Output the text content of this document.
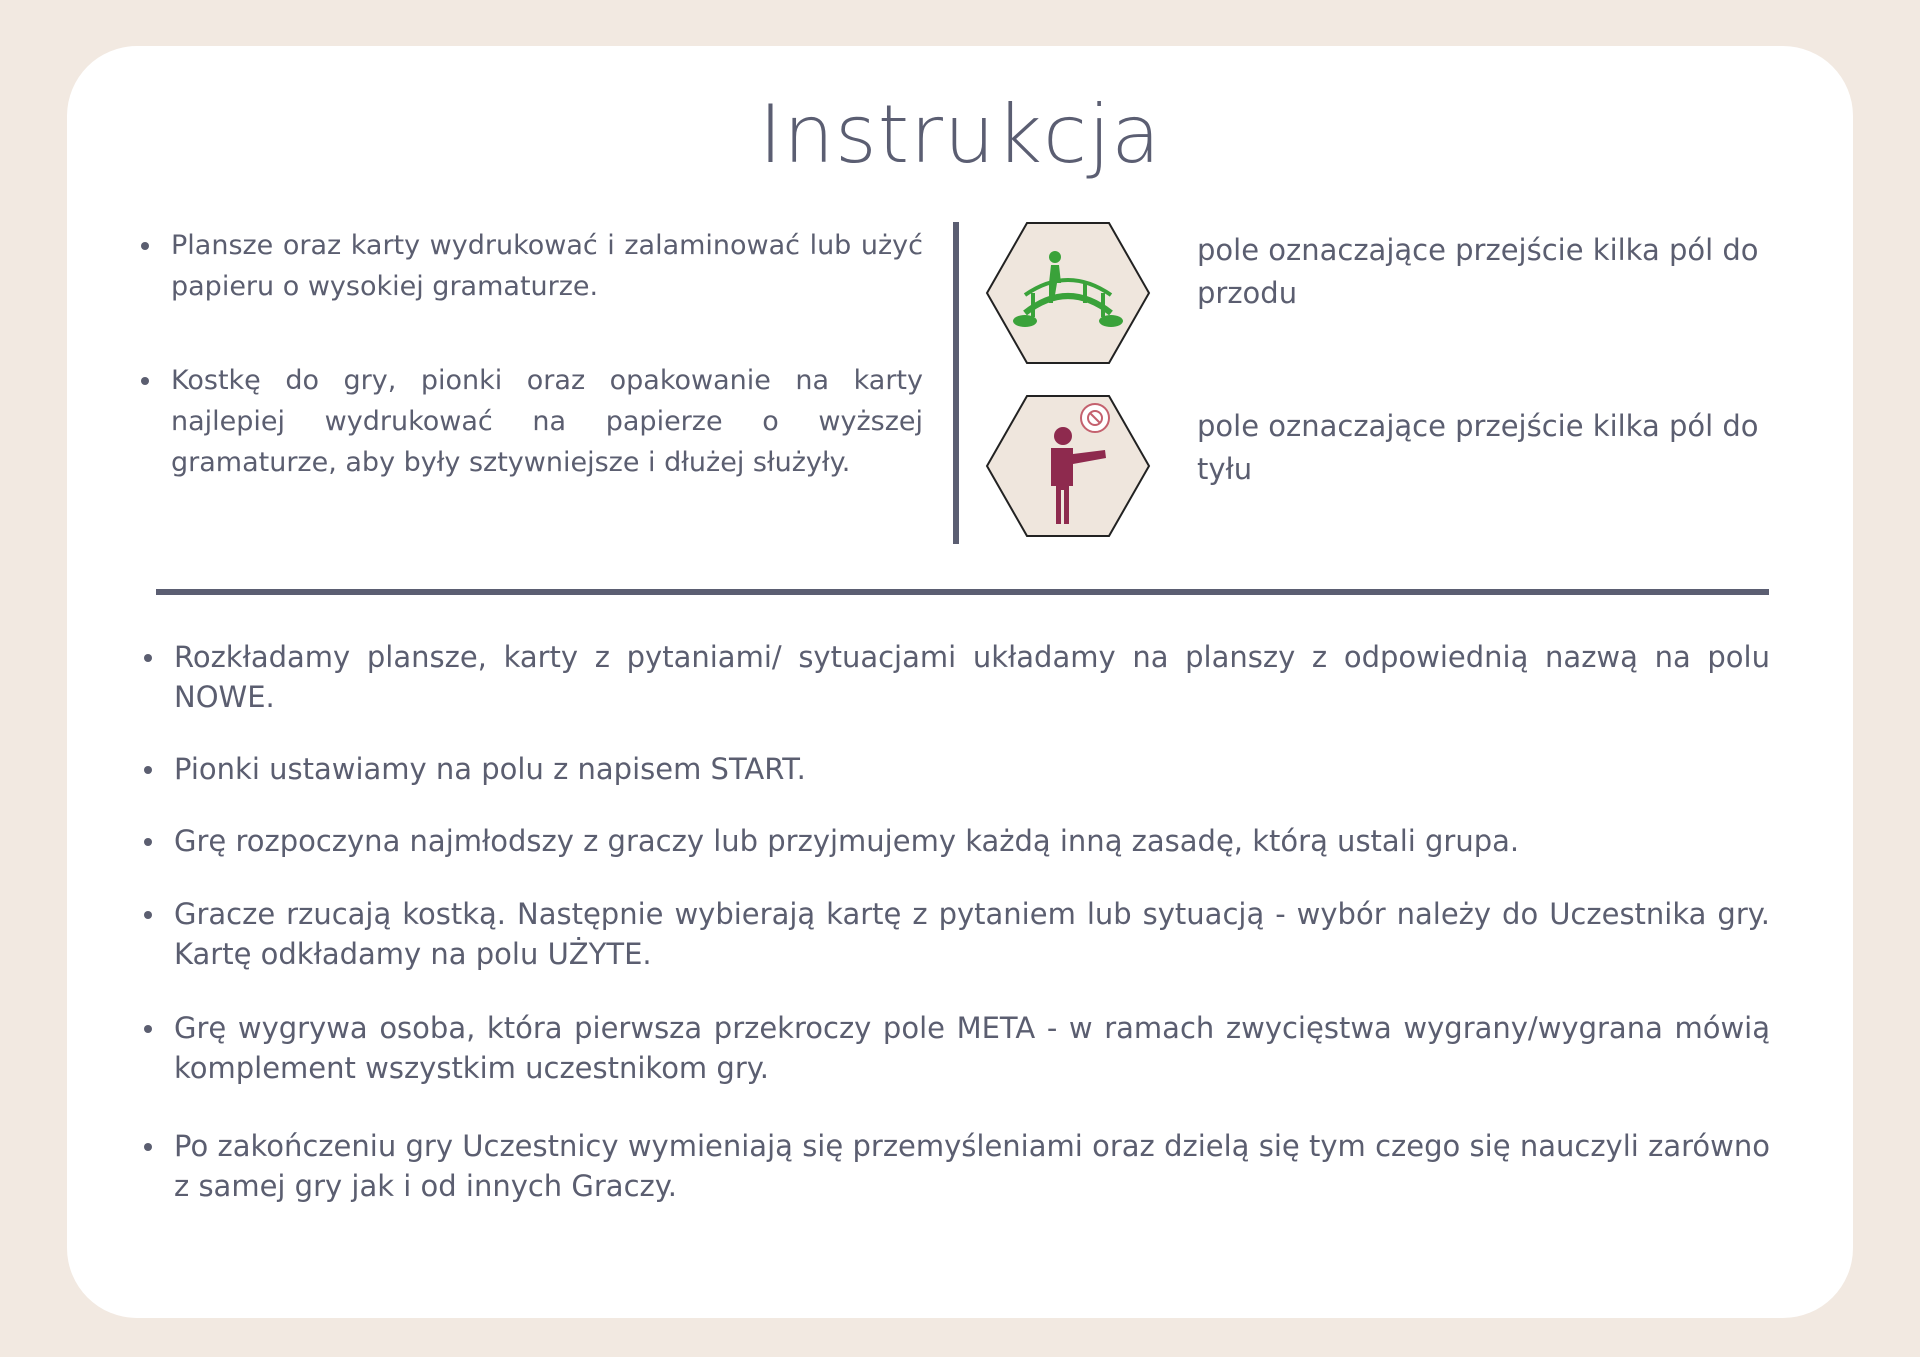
Instrukcja
Plansze oraz karty wydrukować i zalaminować lub użyć papieru o wysokiej gramaturze.
Kostkę do gry, pionki oraz opakowanie na karty najlepiej wydrukować na papierze o wyższej gramaturze, aby były sztywniejsze i dłużej służyły.
pole oznaczające przejście kilka pól do przodu
pole oznaczające przejście kilka pól do tyłu
Rozkładamy plansze, karty z pytaniami/ sytuacjami układamy na planszy z odpowiednią nazwą na polu NOWE.
Pionki ustawiamy na polu z napisem START.
Grę rozpoczyna najmłodszy z graczy lub przyjmujemy każdą inną zasadę, którą ustali grupa.
Gracze rzucają kostką. Następnie wybierają kartę z pytaniem lub sytuacją - wybór należy do Uczestnika gry. Kartę odkładamy na polu UŻYTE.
Grę wygrywa osoba, która pierwsza przekroczy pole META - w ramach zwycięstwa wygrany/wygrana mówią komplement wszystkim uczestnikom gry.
Po zakończeniu gry Uczestnicy wymieniają się przemyśleniami oraz dzielą się tym czego się nauczyli zarówno z samej gry jak i od innych Graczy.
